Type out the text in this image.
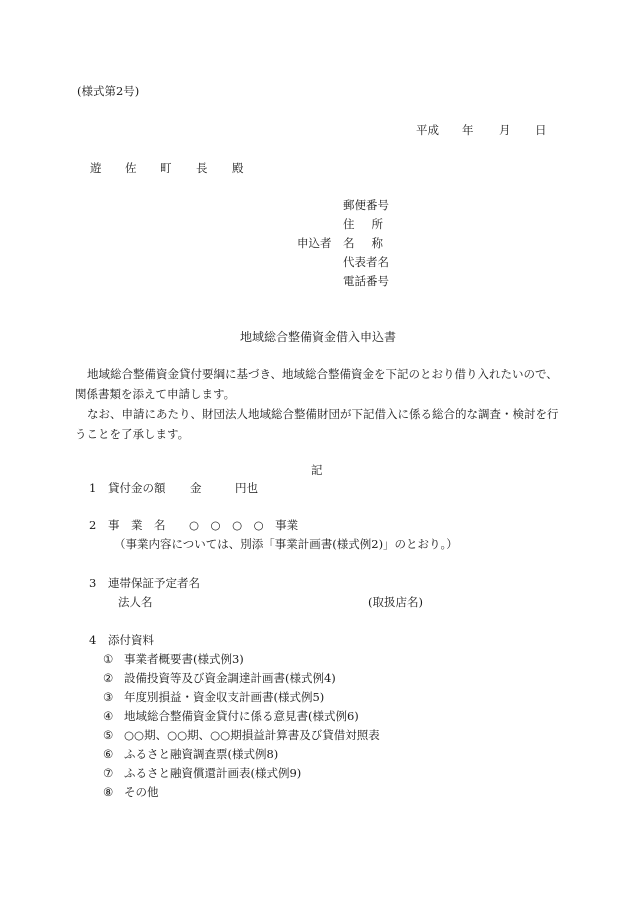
(様式第2号)
平成 年 月 日
遊 佐 町 長 殿
申込者
郵便番号
住所
名称
代表者名
電話番号
地域総合整備資金借入申込書
地域総合整備資金貸付要綱に基づき、地域総合整備資金を下記のとおり借り入れたいので、関係書類を添えて申請します。
なお、申請にあたり、財団法人地域総合整備財団が下記借入に係る総合的な調査・検討を行うことを了承します。
記
1 貸付金の額 金	円也
2 事　業　名 ○　○　○　○　事業
（事業内容については、別添「事業計画書(様式例2)」のとおり。）
3 連帯保証予定者名
法人名	(取扱店名)
4 添付資料
① 事業者概要書(様式例3)
② 設備投資等及び資金調達計画書(様式例4)
③ 年度別損益・資金収支計画書(様式例5)
④ 地域総合整備資金貸付に係る意見書(様式例6)
⑤ ○○期、○○期、○○期損益計算書及び貸借対照表
⑥ ふるさと融資調査票(様式例8)
⑦ ふるさと融資償還計画表(様式例9)
⑧ その他
